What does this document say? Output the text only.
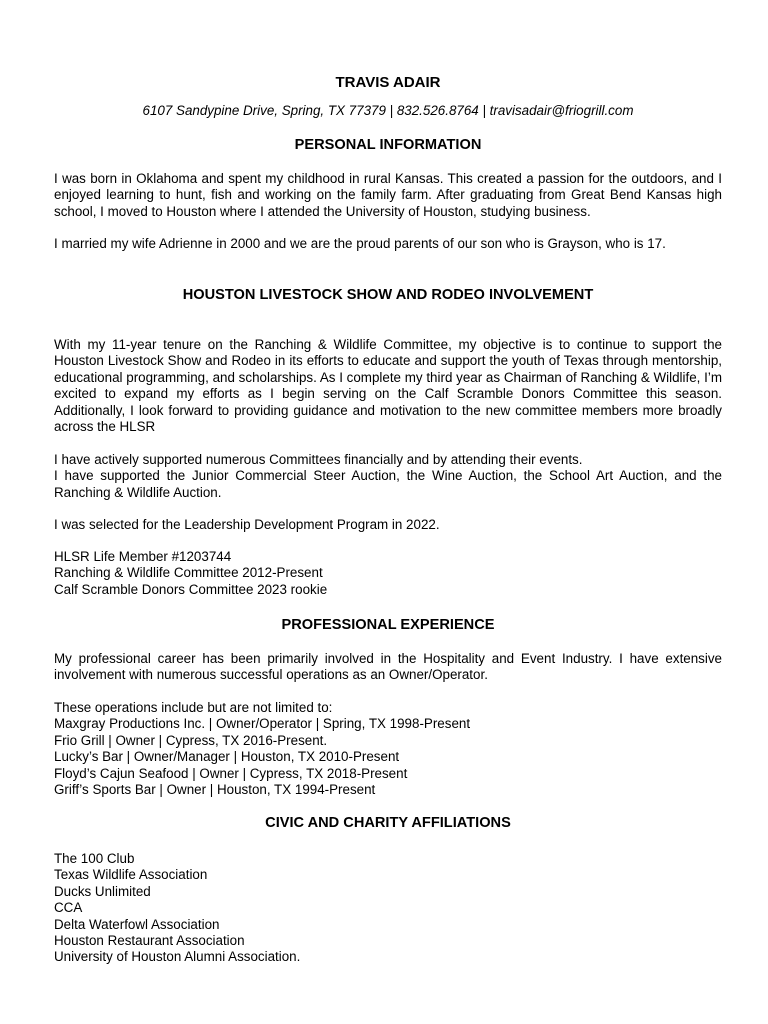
TRAVIS ADAIR
6107 Sandypine Drive, Spring, TX 77379 | 832.526.8764 | travisadair@friogrill.com
PERSONAL INFORMATION

I was born in Oklahoma and spent my childhood in rural Kansas. This created a passion for the outdoors, and I enjoyed learning to hunt, fish and working on the family farm. After graduating from Great Bend Kansas high school, I moved to Houston where I attended the University of Houston, studying business.

I married my wife Adrienne in 2000 and we are the proud parents of our son who is Grayson, who is 17.

HOUSTON LIVESTOCK SHOW AND RODEO INVOLVEMENT

With my 11-year tenure on the Ranching & Wildlife Committee, my objective is to continue to support the Houston Livestock Show and Rodeo in its efforts to educate and support the youth of Texas through mentorship, educational programming, and scholarships. As I complete my third year as Chairman of Ranching & Wildlife, I’m excited to expand my efforts as I begin serving on the Calf Scramble Donors Committee this season. Additionally, I look forward to providing guidance and motivation to the new committee members more broadly across the HLSR

I have actively supported numerous Committees financially and by attending their events.
I have supported the Junior Commercial Steer Auction, the Wine Auction, the School Art Auction, and the Ranching & Wildlife Auction.

I was selected for the Leadership Development Program in 2022.

HLSR Life Member #1203744
Ranching & Wildlife Committee 2012-Present
Calf Scramble Donors Committee 2023 rookie
PROFESSIONAL EXPERIENCE

My professional career has been primarily involved in the Hospitality and Event Industry. I have extensive involvement with numerous successful operations as an Owner/Operator.

These operations include but are not limited to:
Maxgray Productions Inc. | Owner/Operator | Spring, TX 1998-Present
Frio Grill | Owner | Cypress, TX 2016-Present.
Lucky’s Bar | Owner/Manager | Houston, TX 2010-Present
Floyd’s Cajun Seafood | Owner | Cypress, TX 2018-Present
Griff’s Sports Bar | Owner | Houston, TX 1994-Present
CIVIC AND CHARITY AFFILIATIONS
The 100 Club
Texas Wildlife Association
Ducks Unlimited
CCA
Delta Waterfowl Association
Houston Restaurant Association
University of Houston Alumni Association.
